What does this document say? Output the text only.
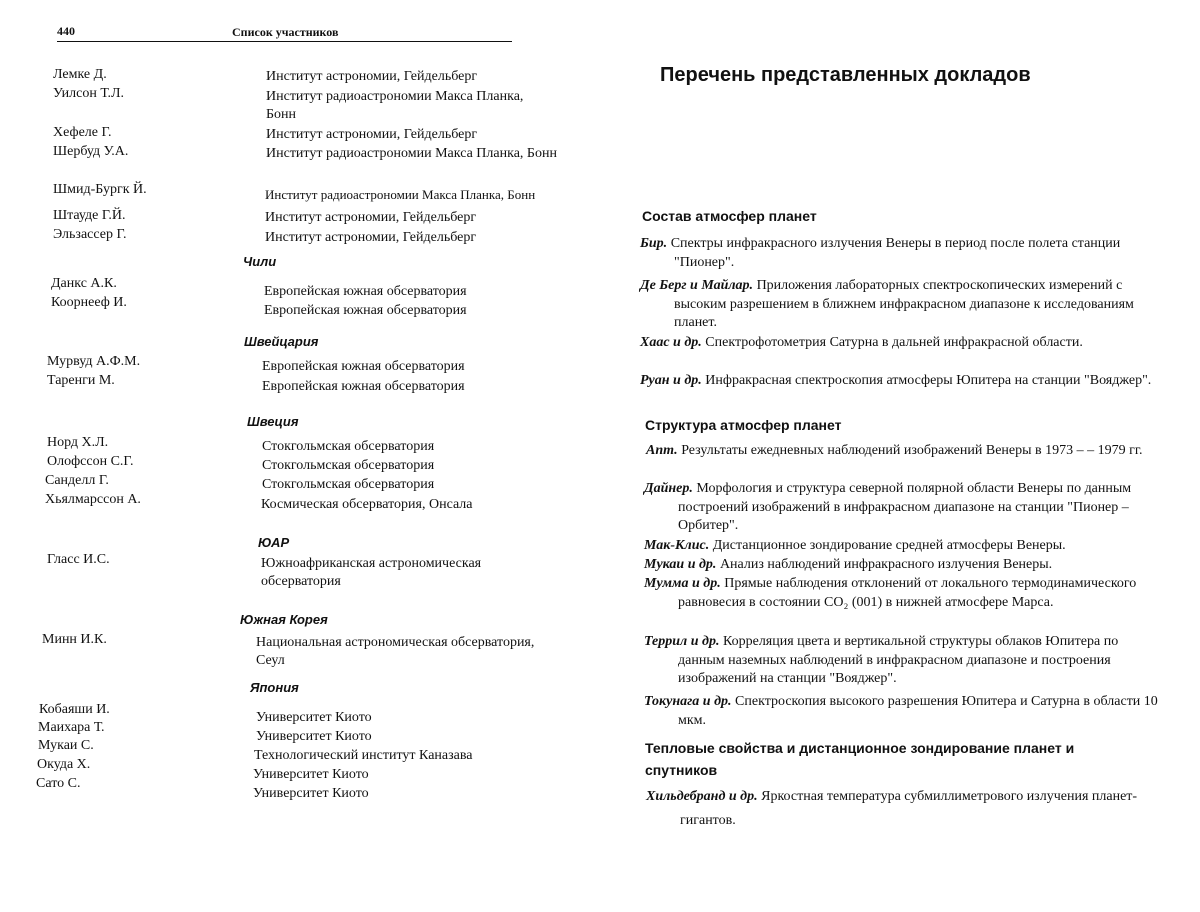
440	Список участников
Лемке Д.
Уилсон Т.Л.
Хефеле Г.
Шербуд У.А.
Шмид-Бургк Й.
Штауде Г.Й.
Эльзассер Г.
Данкс А.К.
Коорнееф И.
Мурвуд А.Ф.М.
Таренги М.
Норд Х.Л.
Олофссон С.Г.
Санделл Г.
Хьялмарссон А.
Гласс И.С.
Минн И.К.
Кобаяши И.
Маихара Т.
Мукаи С.
Окуда Х.
Сато С.
Институт астрономии, Гейдельберг
Институт радиоастрономии Макса Планка, Бонн
Институт астрономии, Гейдельберг
Институт радиоастрономии Макса Планка, Бонн
Институт радиоастрономии Макса Планка, Бонн
Институт астрономии, Гейдельберг
Институт астрономии, Гейдельберг
Чили
Европейская южная обсерватория
Европейская южная обсерватория
Швейцария
Европейская южная обсерватория
Европейская южная обсерватория
Швеция
Стокгольмская обсерватория
Стокгольмская обсерватория
Стокгольмская обсерватория
Космическая обсерватория, Онсала
ЮАР
Южноафриканская астрономическая обсерватория
Южная Корея
Национальная астрономическая обсерватория, Сеул
Япония
Университет Киото
Университет Киото
Технологический институт Каназава
Университет Киото
Университет Киото
Перечень представленных докладов
Состав атмосфер планет
Бир. Спектры инфракрасного излучения Венеры в период после полета станции "Пионер".
Де Берг и Майлар. Приложения лабораторных спектроскопических измерений с высоким разрешением в ближнем инфракрасном диапазоне к исследованиям планет.
Хаас и др. Спектрофотометрия Сатурна в дальней инфракрасной области.
Руан и др. Инфракрасная спектроскопия атмосферы Юпитера на станции "Вояджер".
Структура атмосфер планет
Апт. Результаты ежедневных наблюдений изображений Венеры в 1973 – – 1979 гг.
Дайнер. Морфология и структура северной полярной области Венеры по данным построений изображений в инфракрасном диапазоне на станции "Пионер – Орбитер".
Мак-Клис. Дистанционное зондирование средней атмосферы Венеры.
Мукаи и др. Анализ наблюдений инфракрасного излучения Венеры.
Мумма и др. Прямые наблюдения отклонений от локального термодинамического равновесия в состоянии CO₂ (001) в нижней атмосфере Марса.
Террил и др. Корреляция цвета и вертикальной структуры облаков Юпитера по данным наземных наблюдений в инфракрасном диапазоне и построения изображений на станции "Вояджер".
Токунага и др. Спектроскопия высокого разрешения Юпитера и Сатурна в области 10 мкм.
Тепловые свойства и дистанционное зондирование планет и спутников
Хильдебранд и др. Яркостная температура субмиллиметрового излучения планет-гигантов.
